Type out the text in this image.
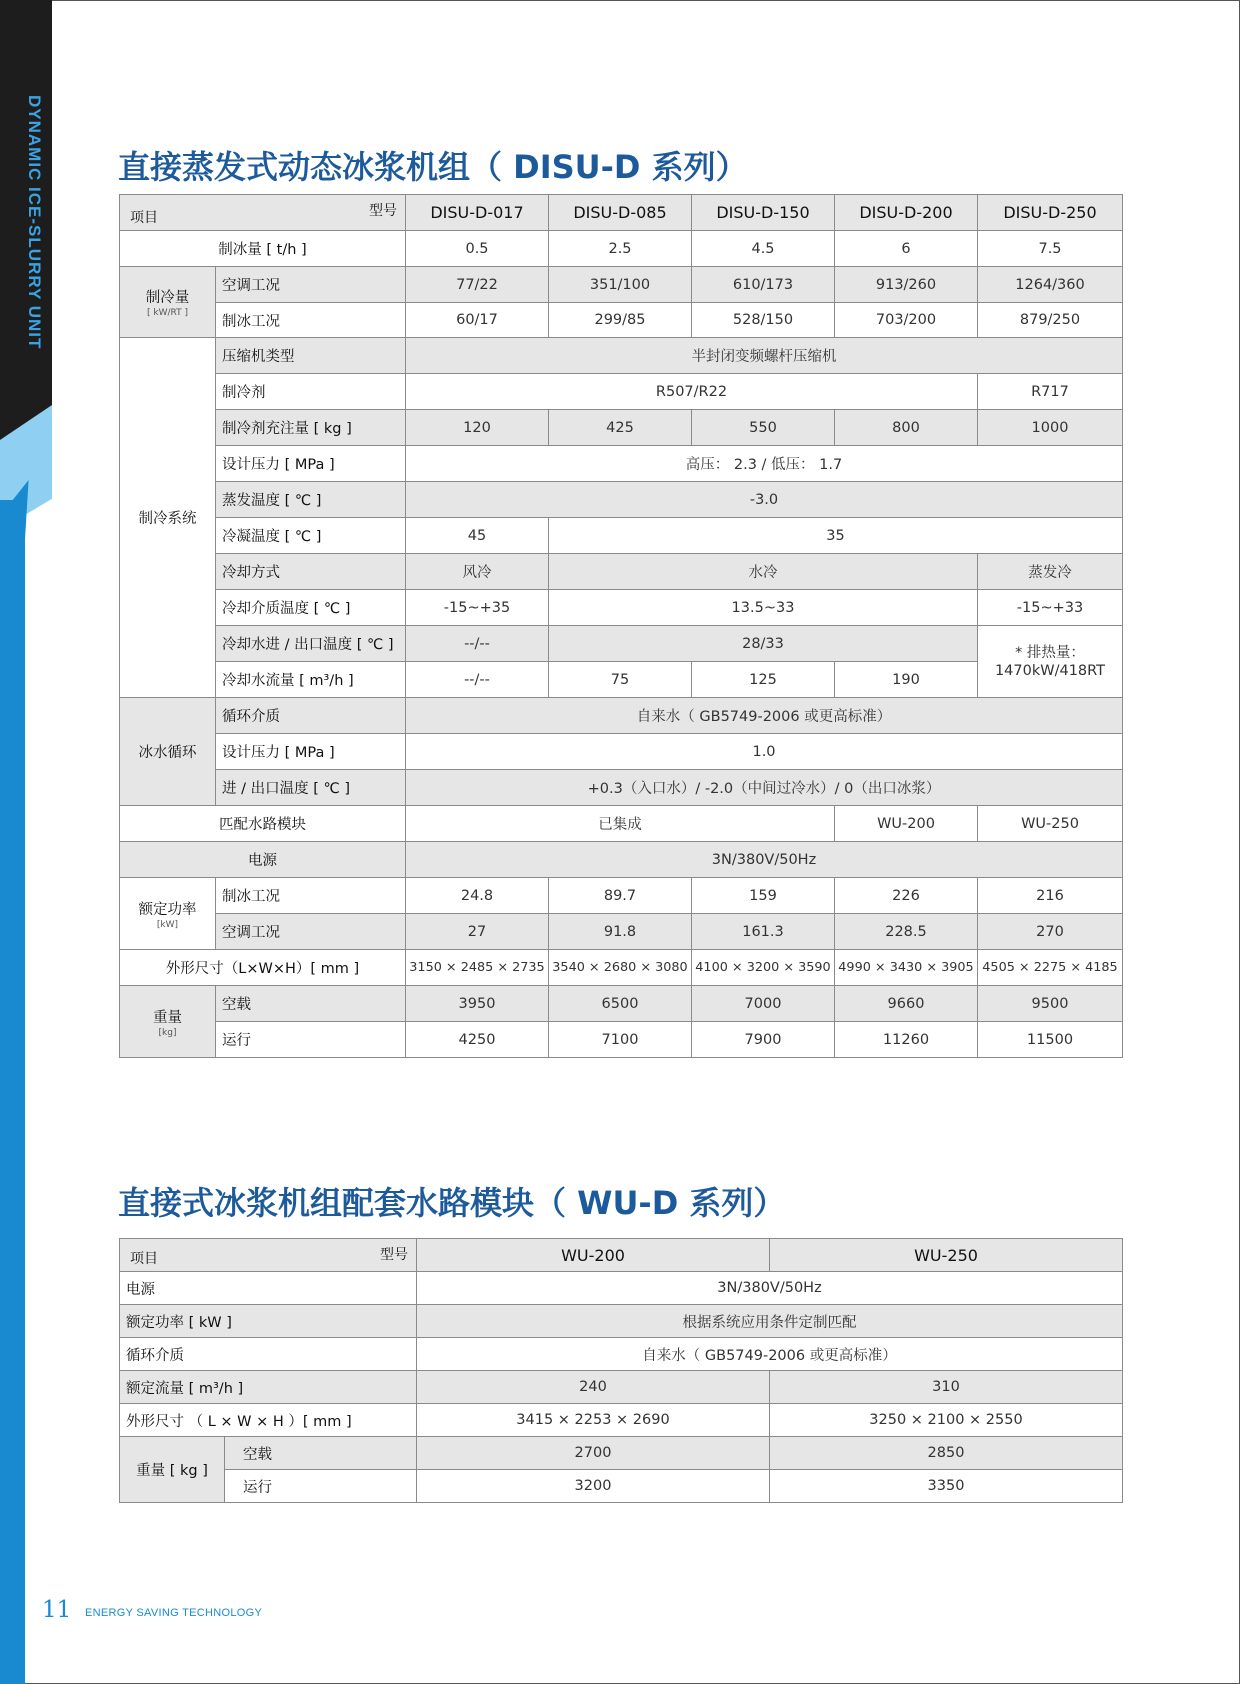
DYNAMIC ICE-SLURRY UNIT 直接蒸发式动态冰浆机组（ DISU-D 系列）
项目 型号		DISU-D-017	DISU-D-085	DISU-D-150	DISU-D-200	DISU-D-250
制冰量 [ t/h ]		0.5	2.5	4.5	6	7.5
制冷量
[ kW/RT ]	空调工况	77/22	351/100	610/173	913/260	1264/360
	制冰工况	60/17	299/85	528/150	703/200	879/250
制冷系统	压缩机类型	半封闭变频螺杆压缩机				
	制冷剂	R507/R22				R717
	制冷剂充注量 [ kg ]	120	425	550	800	1000
	设计压力 [ MPa ]	高压： 2.3 / 低压： 1.7				
	蒸发温度 [ ℃ ]	-3.0				
	冷凝温度 [ ℃ ]	45	35			
	冷却方式	风冷	水冷			蒸发冷
	冷却介质温度 [ ℃ ]	-15~+35	13.5~33			-15~+33
	冷却水进 / 出口温度 [ ℃ ]	--/--	28/33			* 排热量：
1470kW/418RT

	冷却水流量 [ m³/h ]	--/--	75	125	190	
冰水循环	循环介质	自来水（ GB5749-2006 或更高标准）				
	设计压力 [ MPa ]	1.0				
	进 / 出口温度 [ ℃ ]	+0.3（入口水）/ -2.0（中间过冷水）/ 0（出口冰浆）				
匹配水路模块		已集成			WU-200	WU-250
电源		3N/380V/50Hz				
额定功率
[kW]	制冰工况	24.8	89.7	159	226	216
	空调工况	27	91.8	161.3	228.5	270
外形尺寸（L×W×H）[ mm ]		3150 × 2485 × 2735	3540 × 2680 × 3080	4100 × 3200 × 3590	4990 × 3430 × 3905	4505 × 2275 × 4185
重量
[kg]	空载	3950	6500	7000	9660	9500
	运行	4250	7100	7900	11260	11500
直接式冰浆机组配套水路模块（ WU-D 系列）
项目 型号		WU-200	WU-250
电源		3N/380V/50Hz	
额定功率 [ kW ]		根据系统应用条件定制匹配	
循环介质		自来水（ GB5749-2006 或更高标准）	
额定流量 [ m³/h ]		240	310
外形尺寸 （ L × W × H ）[ mm ]		3415 × 2253 × 2690	3250 × 2100 × 2550
重量 [ kg ]	空载	2700	2850
	运行	3200	3350
11 ENERGY SAVING TECHNOLOGY
